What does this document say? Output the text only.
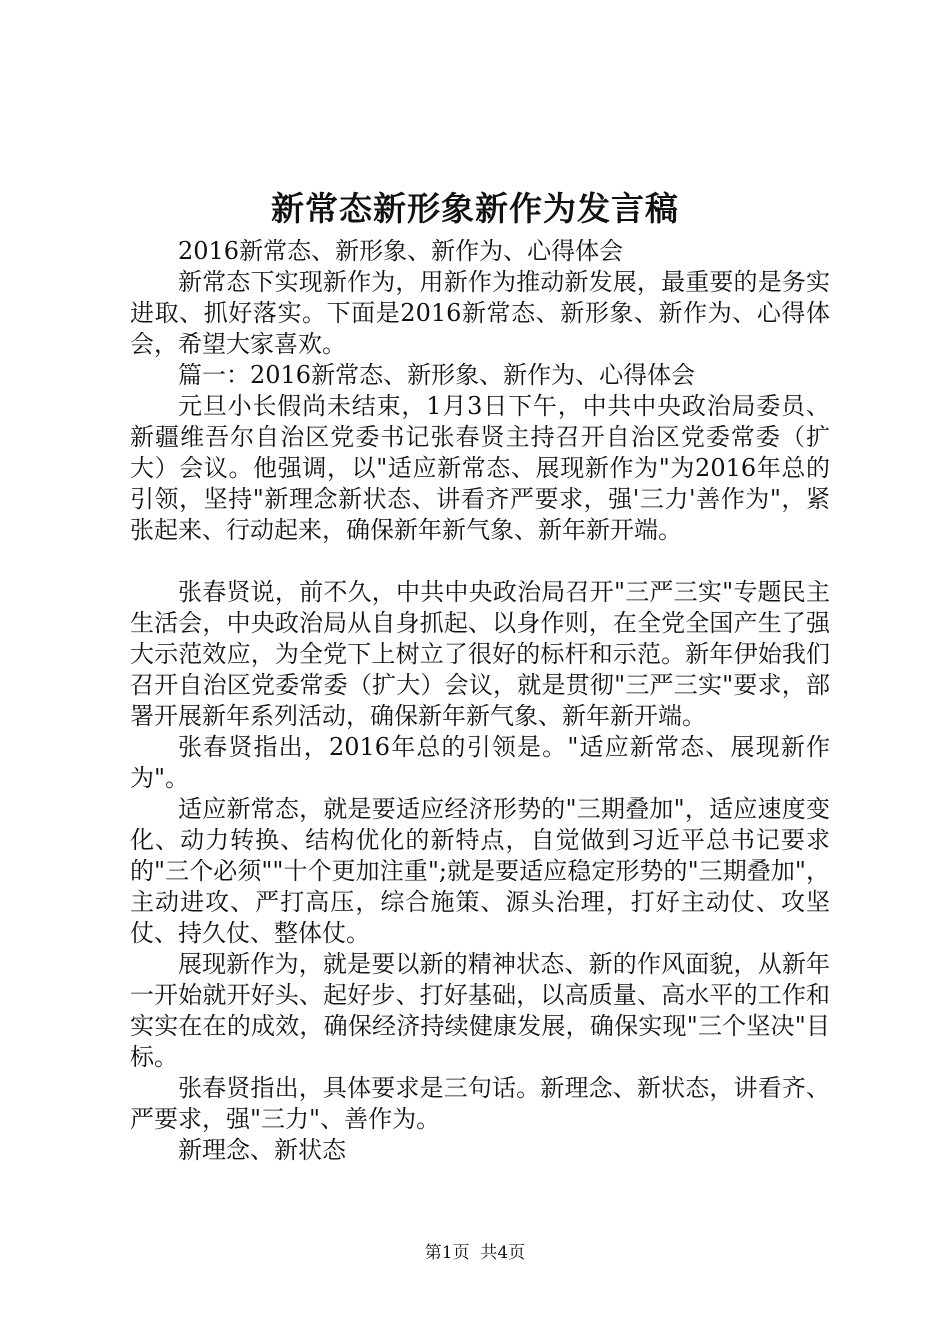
新常态新形象新作为发言稿

2016新常态、新形象、新作为、心得体会

新常态下实现新作为，用新作为推动新发展，最重要的是务实进取、抓好落实。下面是2016新常态、新形象、新作为、心得体会，希望大家喜欢。

篇一：2016新常态、新形象、新作为、心得体会

元旦小长假尚未结束，1月3日下午，中共中央政治局委员、新疆维吾尔自治区党委书记张春贤主持召开自治区党委常委（扩大）会议。他强调，以"适应新常态、展现新作为"为2016年总的引领，坚持"新理念新状态、讲看齐严要求，强'三力'善作为"，紧张起来、行动起来，确保新年新气象、新年新开端。

张春贤说，前不久，中共中央政治局召开"三严三实"专题民主生活会，中央政治局从自身抓起、以身作则，在全党全国产生了强大示范效应，为全党下上树立了很好的标杆和示范。新年伊始我们召开自治区党委常委（扩大）会议，就是贯彻"三严三实"要求，部署开展新年系列活动，确保新年新气象、新年新开端。

张春贤指出，2016年总的引领是。"适应新常态、展现新作为"。

适应新常态，就是要适应经济形势的"三期叠加"，适应速度变化、动力转换、结构优化的新特点，自觉做到习近平总书记要求的"三个必须""十个更加注重";就是要适应稳定形势的"三期叠加"，主动进攻、严打高压，综合施策、源头治理，打好主动仗、攻坚仗、持久仗、整体仗。

展现新作为，就是要以新的精神状态、新的作风面貌，从新年一开始就开好头、起好步、打好基础，以高质量、高水平的工作和实实在在的成效，确保经济持续健康发展，确保实现"三个坚决"目标。

张春贤指出，具体要求是三句话。新理念、新状态，讲看齐、严要求，强"三力"、善作为。

新理念、新状态

第1页 共4页
